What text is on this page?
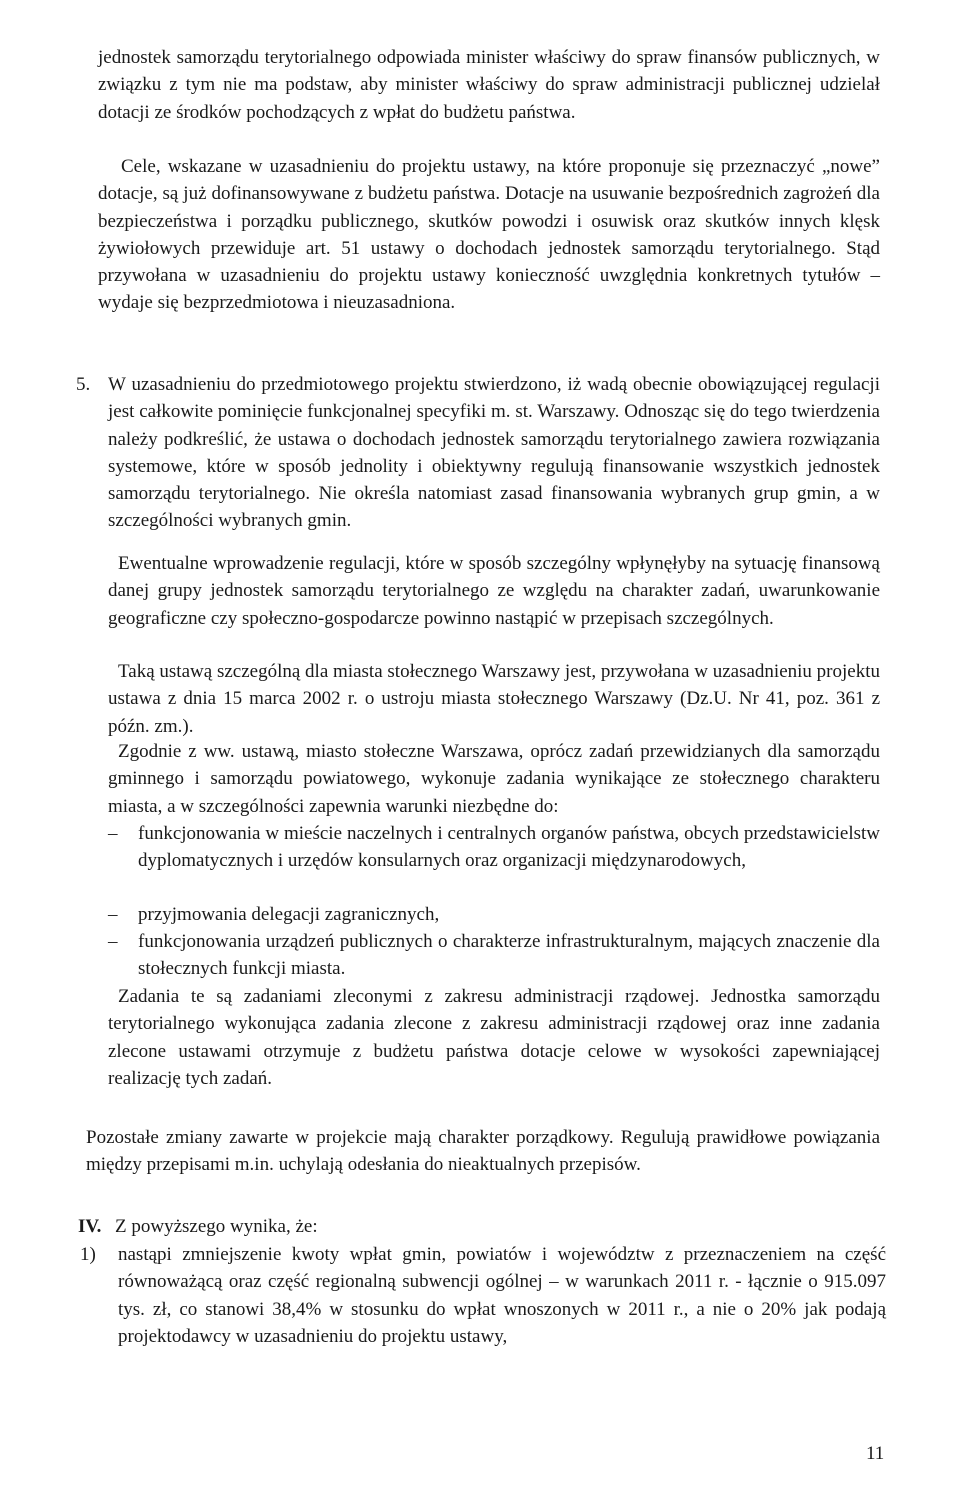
jednostek samorządu terytorialnego odpowiada minister właściwy do spraw finansów publicznych, w związku z tym nie ma podstaw, aby minister właściwy do spraw administracji publicznej udzielał dotacji ze środków pochodzących z wpłat do budżetu państwa.

Cele, wskazane w uzasadnieniu do projektu ustawy, na które proponuje się przeznaczyć „nowe” dotacje, są już dofinansowywane z budżetu państwa. Dotacje na usuwanie bezpośrednich zagrożeń dla bezpieczeństwa i porządku publicznego, skutków powodzi i osuwisk oraz skutków innych klęsk żywiołowych przewiduje art. 51 ustawy o dochodach jednostek samorządu terytorialnego. Stąd przywołana w uzasadnieniu do projektu ustawy konieczność uwzględnia konkretnych tytułów – wydaje się bezprzedmiotowa i nieuzasadniona.

5. W uzasadnieniu do przedmiotowego projektu stwierdzono, iż wadą obecnie obowiązującej regulacji jest całkowite pominięcie funkcjonalnej specyfiki m. st. Warszawy. Odnosząc się do tego twierdzenia należy podkreślić, że ustawa o dochodach jednostek samorządu terytorialnego zawiera rozwiązania systemowe, które w sposób jednolity i obiektywny regulują finansowanie wszystkich jednostek samorządu terytorialnego. Nie określa natomiast zasad finansowania wybranych grup gmin, a w szczególności wybranych gmin.

Ewentualne wprowadzenie regulacji, które w sposób szczególny wpłynęłyby na sytuację finansową danej grupy jednostek samorządu terytorialnego ze względu na charakter zadań, uwarunkowanie geograficzne czy społeczno-gospodarcze powinno nastąpić w przepisach szczególnych.

Taką ustawą szczególną dla miasta stołecznego Warszawy jest, przywołana w uzasadnieniu projektu ustawa z dnia 15 marca 2002 r. o ustroju miasta stołecznego Warszawy (Dz.U. Nr 41, poz. 361 z późn. zm.).

Zgodnie z ww. ustawą, miasto stołeczne Warszawa, oprócz zadań przewidzianych dla samorządu gminnego i samorządu powiatowego, wykonuje zadania wynikające ze stołecznego charakteru miasta, a w szczególności zapewnia warunki niezbędne do:

– funkcjonowania w mieście naczelnych i centralnych organów państwa, obcych przedstawicielstw dyplomatycznych i urzędów konsularnych oraz organizacji międzynarodowych,

– przyjmowania delegacji zagranicznych,

– funkcjonowania urządzeń publicznych o charakterze infrastrukturalnym, mających znaczenie dla stołecznych funkcji miasta.

Zadania te są zadaniami zleconymi z zakresu administracji rządowej. Jednostka samorządu terytorialnego wykonująca zadania zlecone z zakresu administracji rządowej oraz inne zadania zlecone ustawami otrzymuje z budżetu państwa dotacje celowe w wysokości zapewniającej realizację tych zadań.

Pozostałe zmiany zawarte w projekcie mają charakter porządkowy. Regulują prawidłowe powiązania między przepisami m.in. uchylają odesłania do nieaktualnych przepisów.

IV. Z powyższego wynika, że:
1) nastąpi zmniejszenie kwoty wpłat gmin, powiatów i województw z przeznaczeniem na część równoważącą oraz część regionalną subwencji ogólnej – w warunkach 2011 r. - łącznie o 915.097 tys. zł, co stanowi 38,4% w stosunku do wpłat wnoszonych w 2011 r., a nie o 20% jak podają projektodawcy w uzasadnieniu do projektu ustawy,

11
